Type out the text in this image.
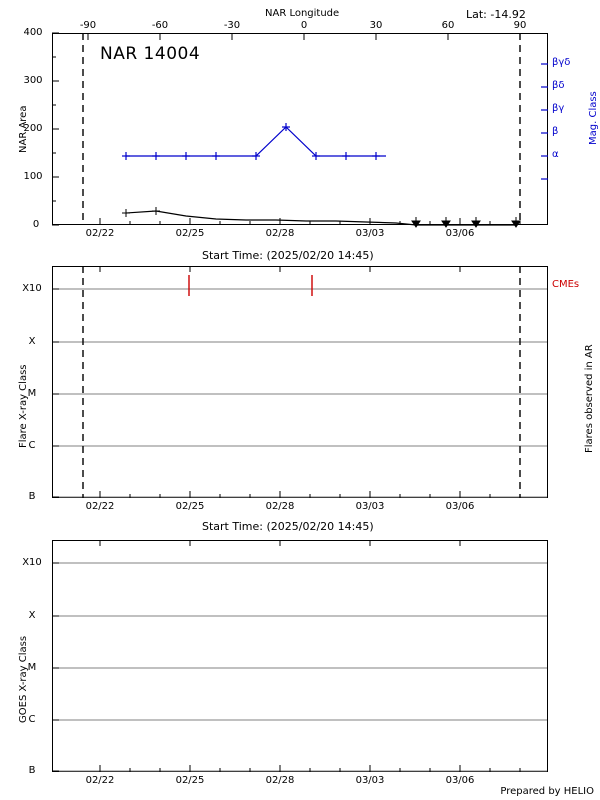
NAR Longitude	Lat: -14.92
NAR 14004
NAR Area	Mag. Class
Start Time: (2025/02/20 14:45)
0
100
200
300
400
02/22	02/25	02/28	03/03	03/06
-90	-60	-30	0	30	60	90
βγδ
βδ
βγ
β
α
Flare X-ray Class	Flares observed in AR
CMEs
Start Time: (2025/02/20 14:45)
X10
X
M
C
B
02/22	02/25	02/28	03/03	03/06
GOES X-ray Class
X10
X
M
C
B
02/22	02/25	02/28	03/03	03/06
Prepared by HELIO
